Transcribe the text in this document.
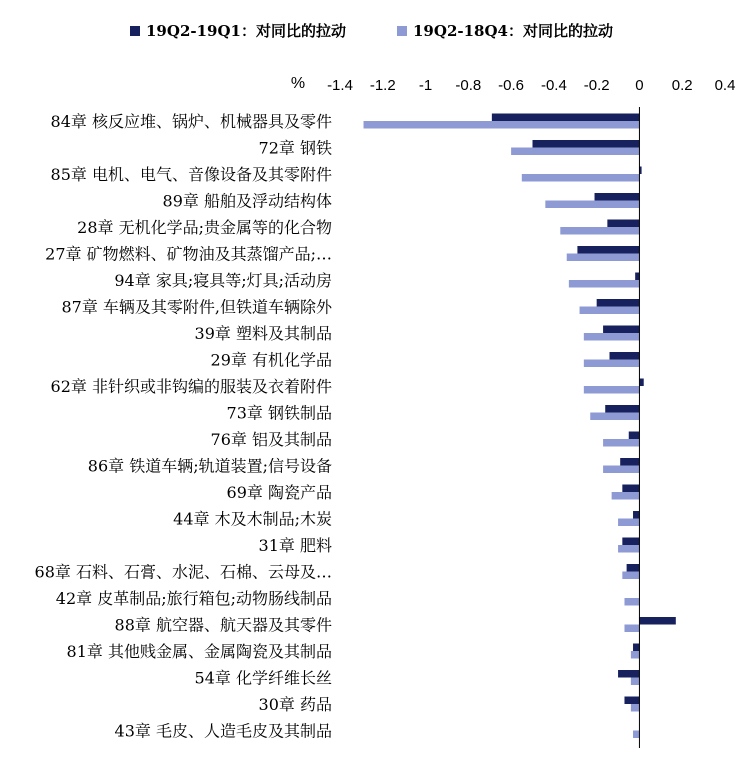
19Q2-19Q1：对同比的拉动	19Q2-18Q4：对同比的拉动
% -1.4 -1.2 -1 -0.8 -0.6 -0.4 -0.2 0 0.2 0.4
84章 核反应堆、锅炉、机械器具及零件
72章 钢铁
85章 电机、电气、音像设备及其零附件
89章 船舶及浮动结构体
28章 无机化学品;贵金属等的化合物
27章 矿物燃料、矿物油及其蒸馏产品;…
94章 家具;寝具等;灯具;活动房
87章 车辆及其零附件,但铁道车辆除外
39章 塑料及其制品
29章 有机化学品
62章 非针织或非钩编的服装及衣着附件
73章 钢铁制品
76章 铝及其制品
86章 铁道车辆;轨道装置;信号设备
69章 陶瓷产品
44章 木及木制品;木炭
31章 肥料
68章 石料、石膏、水泥、石棉、云母及…
42章 皮革制品;旅行箱包;动物肠线制品
88章 航空器、航天器及其零件
81章 其他贱金属、金属陶瓷及其制品
54章 化学纤维长丝
30章 药品
43章 毛皮、人造毛皮及其制品
